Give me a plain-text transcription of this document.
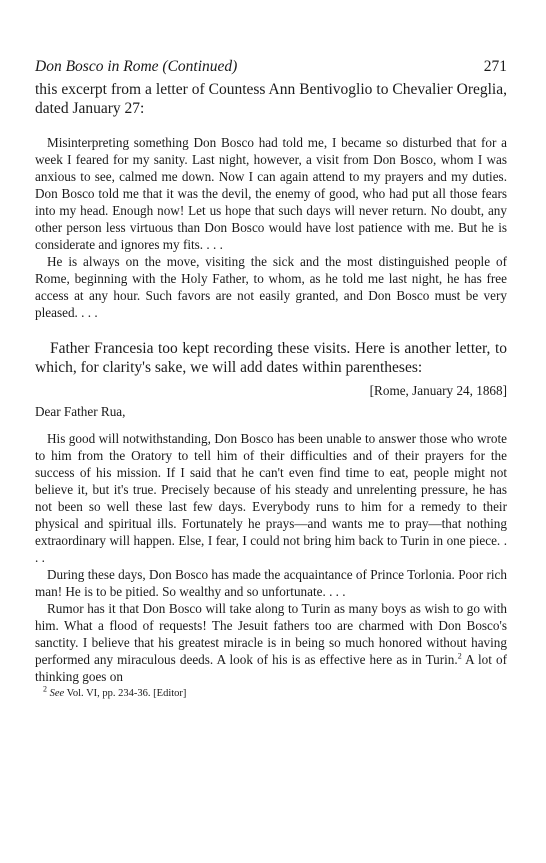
Don Bosco in Rome (Continued)	271

this excerpt from a letter of Countess Ann Bentivoglio to Chevalier Oreglia, dated January 27:

Misinterpreting something Don Bosco had told me, I became so disturbed that for a week I feared for my sanity. Last night, however, a visit from Don Bosco, whom I was anxious to see, calmed me down. Now I can again attend to my prayers and my duties. Don Bosco told me that it was the devil, the enemy of good, who had put all those fears into my head. Enough now! Let us hope that such days will never return. No doubt, any other person less virtuous than Don Bosco would have lost patience with me. But he is considerate and ignores my fits. . . .

He is always on the move, visiting the sick and the most distinguished people of Rome, beginning with the Holy Father, to whom, as he told me last night, he has free access at any hour. Such favors are not easily granted, and Don Bosco must be very pleased. . . .

Father Francesia too kept recording these visits. Here is another letter, to which, for clarity's sake, we will add dates within parentheses:

[Rome, January 24, 1868]
Dear Father Rua,

His good will notwithstanding, Don Bosco has been unable to answer those who wrote to him from the Oratory to tell him of their difficulties and of their prayers for the success of his mission. If I said that he can't even find time to eat, people might not believe it, but it's true. Precisely because of his steady and unrelenting pressure, he has not been so well these last few days. Everybody runs to him for a remedy to their physical and spiritual ills. Fortunately he prays—and wants me to pray—that nothing extraordinary will happen. Else, I fear, I could not bring him back to Turin in one piece. . . .

During these days, Don Bosco has made the acquaintance of Prince Torlonia. Poor rich man! He is to be pitied. So wealthy and so unfortunate. . . .

Rumor has it that Don Bosco will take along to Turin as many boys as wish to go with him. What a flood of requests! The Jesuit fathers too are charmed with Don Bosco's sanctity. I believe that his greatest miracle is in being so much honored without having performed any miraculous deeds. A look of his is as effective here as in Turin.$^2$ A lot of thinking goes on

$^2$ See Vol. VI, pp. 234-36. [Editor]
